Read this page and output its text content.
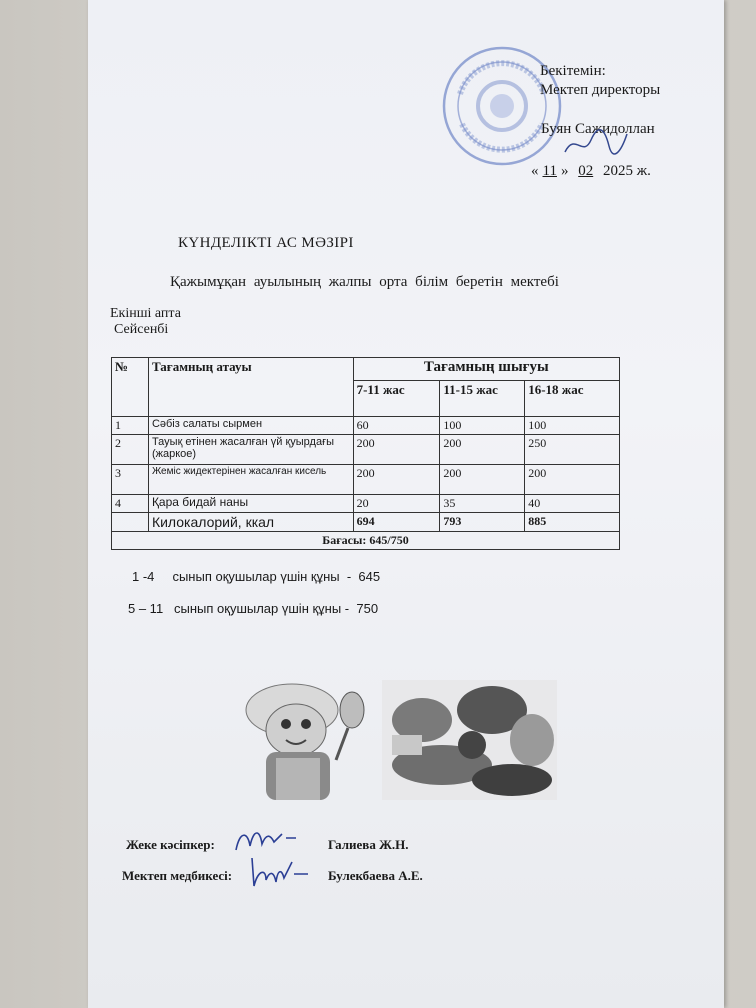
Бекітемін:
Мектеп директоры
Буян Сажидоллан
« 11 » 02 2025 ж.
КҮНДЕЛІКТІ АС МӘЗІРІ
Қажымұқан ауылының жалпы орта білім беретін мектебі
Екінші апта
Сейсенбі
№	Тағамның атауы	Тағамның шығуы		
		7-11 жас	11-15 жас	16-18 жас
1	Сәбіз салаты сырмен	60	100	100
2	Тауық етінен жасалған үй қуырдағы (жаркое)	200	200	250
3	Жеміс жидектерінен жасалған кисель	200	200	200
4	Қара бидай наны	20	35	40
	Килокалорий, ккал	694	793	885
Бағасы: 645/750				
1 -4     сынып оқушылар үшін құны  -  645
5 – 11   сынып оқушылар үшін құны -  750
Жеке кәсіпкер:	Галиева Ж.Н.
Мектеп медбикесі:	Булекбаева А.Е.
